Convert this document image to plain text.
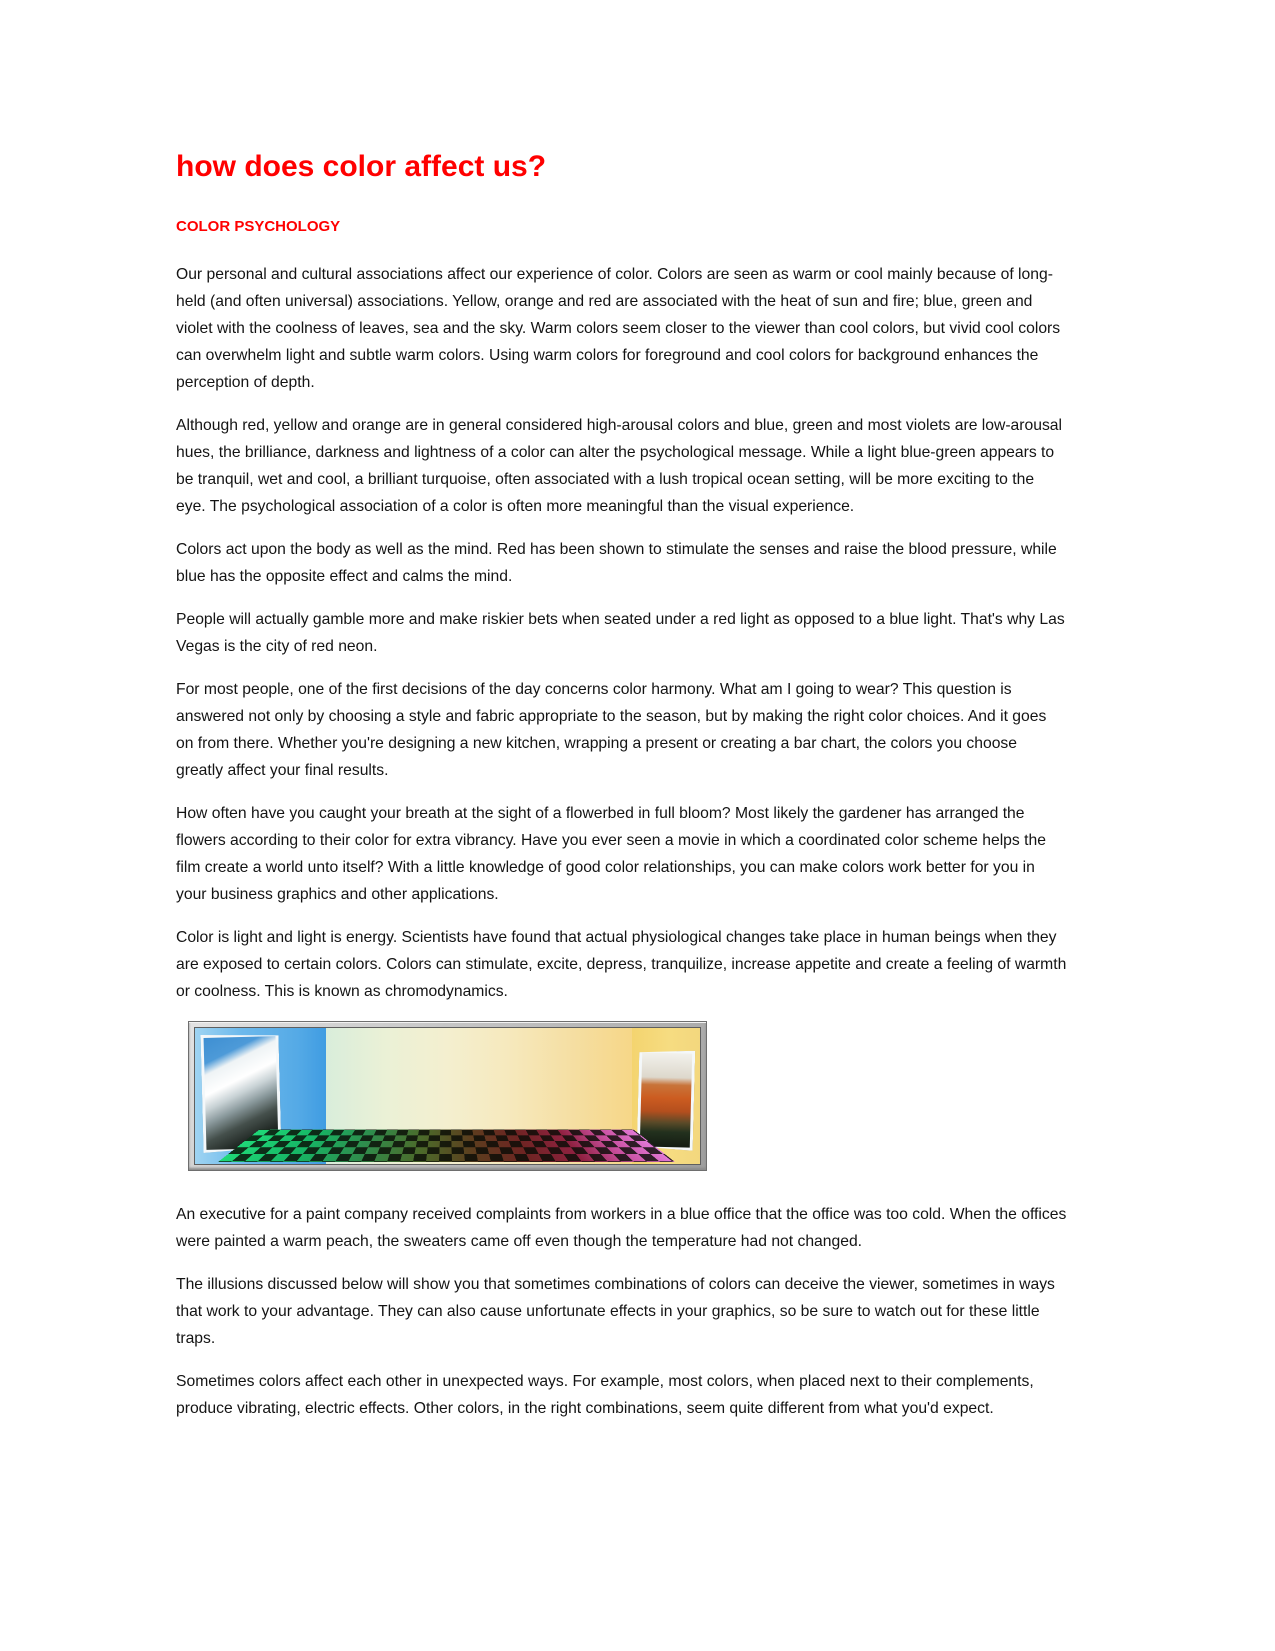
how does color affect us?
COLOR PSYCHOLOGY

Our personal and cultural associations affect our experience of color. Colors are seen as warm or cool mainly because of long-held (and often universal) associations. Yellow, orange and red are associated with the heat of sun and fire; blue, green and violet with the coolness of leaves, sea and the sky. Warm colors seem closer to the viewer than cool colors, but vivid cool colors can overwhelm light and subtle warm colors. Using warm colors for foreground and cool colors for background enhances the perception of depth.

Although red, yellow and orange are in general considered high-arousal colors and blue, green and most violets are low-arousal hues, the brilliance, darkness and lightness of a color can alter the psychological message. While a light blue-green appears to be tranquil, wet and cool, a brilliant turquoise, often associated with a lush tropical ocean setting, will be more exciting to the eye. The psychological association of a color is often more meaningful than the visual experience.

Colors act upon the body as well as the mind. Red has been shown to stimulate the senses and raise the blood pressure, while blue has the opposite effect and calms the mind.

People will actually gamble more and make riskier bets when seated under a red light as opposed to a blue light. That's why Las Vegas is the city of red neon.

For most people, one of the first decisions of the day concerns color harmony. What am I going to wear? This question is answered not only by choosing a style and fabric appropriate to the season, but by making the right color choices. And it goes on from there. Whether you're designing a new kitchen, wrapping a present or creating a bar chart, the colors you choose greatly affect your final results.

How often have you caught your breath at the sight of a flowerbed in full bloom? Most likely the gardener has arranged the flowers according to their color for extra vibrancy. Have you ever seen a movie in which a coordinated color scheme helps the film create a world unto itself? With a little knowledge of good color relationships, you can make colors work better for you in your business graphics and other applications.

Color is light and light is energy. Scientists have found that actual physiological changes take place in human beings when they are exposed to certain colors. Colors can stimulate, excite, depress, tranquilize, increase appetite and create a feeling of warmth or coolness. This is known as chromodynamics.

An executive for a paint company received complaints from workers in a blue office that the office was too cold. When the offices were painted a warm peach, the sweaters came off even though the temperature had not changed.

The illusions discussed below will show you that sometimes combinations of colors can deceive the viewer, sometimes in ways that work to your advantage. They can also cause unfortunate effects in your graphics, so be sure to watch out for these little traps.

Sometimes colors affect each other in unexpected ways. For example, most colors, when placed next to their complements, produce vibrating, electric effects. Other colors, in the right combinations, seem quite different from what you'd expect.
